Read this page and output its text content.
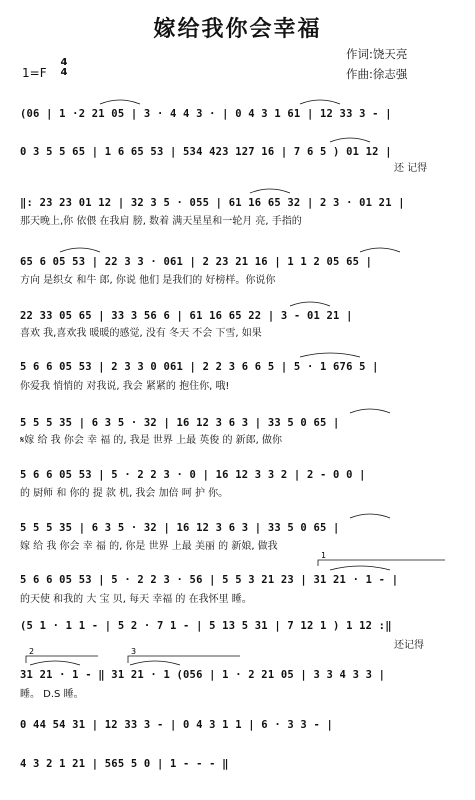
嫁给我你会幸福
作词:饶天亮
作曲:徐志强
1=F
4
4
(06 | 1 ·2 21 05 | 3 · 4 4 3 · | 0 4 3 1 61 | 12 33 3 - |
0 3 5 5 65 | 1 6 65 53 | 534 423 127 16 | 7 6 5 ) 01 12 |
还 记得
‖: 23 23 01 12 | 32 3 5 · 055 | 61 16 65 32 | 2 3 · 01 21 |
那天晚上,你 依偎 在我肩 膀, 数着 满天星星和一轮月 亮, 手指的
65 6 05 53 | 22 3 3 · 061 | 2 23 21 16 | 1 1 2 05 65 |
方向 是织女 和牛 郎, 你说 他们 是我们的 好榜样。你说你
22 33 05 65 | 33 3 56 6 | 61 16 65 22 | 3 - 01 21 |
喜欢 我,喜欢我 暖暖的感觉, 没有 冬天 不会 下雪, 如果
5 6 6 05 53 | 2 3 3 0 061 | 2 2 3 6 6 5 | 5 · 1 676 5 |
你爱我 悄悄的 对我说, 我会 紧紧的 抱住你, 哦!
5 5 5 35 | 6 3 5 · 32 | 16 12 3 6 3 | 33 5 0 65 |
𝄋嫁 给 我 你会 幸 福 的, 我是 世界 上最 英俊 的 新郎, 做你
5 6 6 05 53 | 5 · 2 2 3 · 0 | 16 12 3 3 2 | 2 - 0 0 |
的 厨师 和 你的 提 款 机, 我会 加倍 呵 护 你。
5 5 5 35 | 6 3 5 · 32 | 16 12 3 6 3 | 33 5 0 65 |
嫁 给 我 你会 幸 福 的, 你是 世界 上最 美丽 的 新娘, 做我
5 6 6 05 53 | 5 · 2 2 3 · 56 | 5 5 3 21 23 | 31 21 · 1 - |
的天使 和我的 大 宝 贝, 每天 幸福 的 在我怀里 睡。
(5 1 · 1 1 - | 5 2 · 7 1 - | 5 13 5 31 | 7 12 1 ) 1 12 :‖
还记得
31 21 · 1 - ‖ 31 21 · 1 (056 | 1 · 2 21 05 | 3 3 4 3 3 |
睡。 D.S 睡。
0 44 54 31 | 12 33 3 - | 0 4 3 1 1 | 6 · 3 3 - |
4 3 2 1 21 | 565 5 0 | 1 - - - ‖
1
2	3
